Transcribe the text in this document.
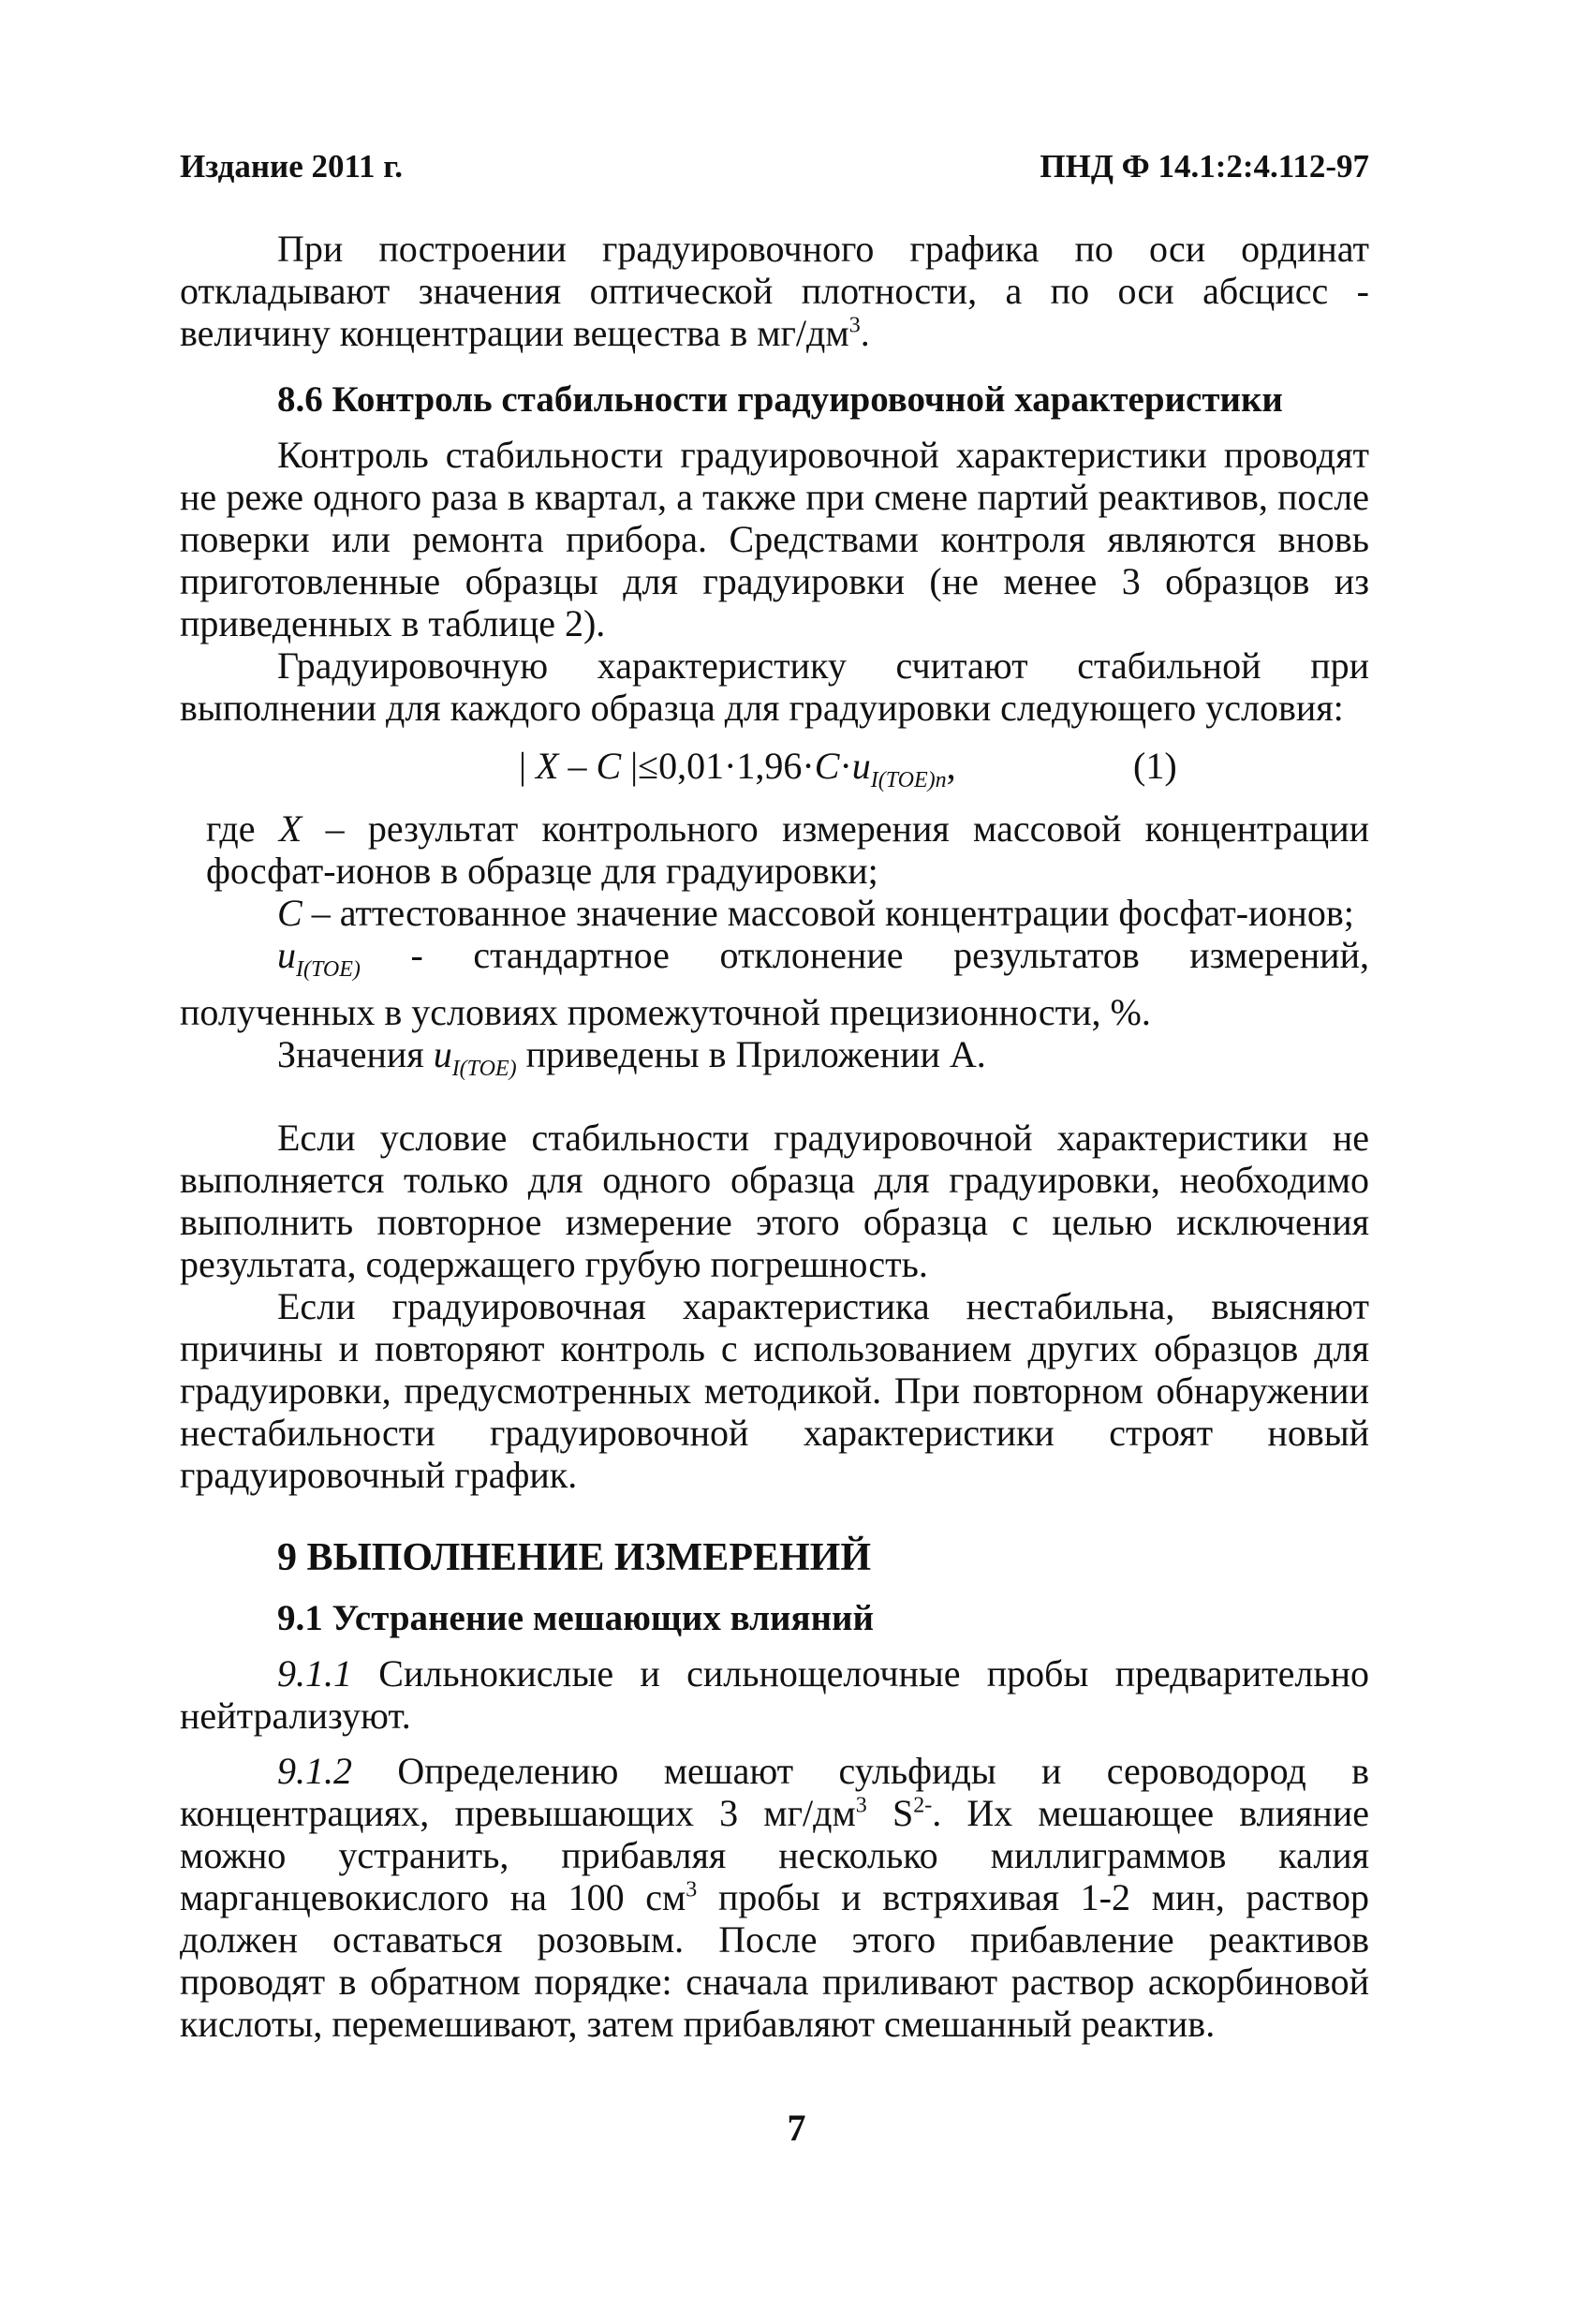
Издание 2011 г.	ПНД Ф 14.1:2:4.112-97

При построении градуировочного графика по оси ординат откладывают значения оптической плотности, а по оси абсцисс - величину концентрации вещества в $мг/дм^3$.

8.6 Контроль стабильности градуировочной характеристики

Контроль стабильности градуировочной характеристики проводят не реже одного раза в квартал, а также при смене партий реактивов, после поверки или ремонта прибора. Средствами контроля являются вновь приготовленные образцы для градуировки (не менее 3 образцов из приведенных в таблице 2).

Градуировочную характеристику считают стабильной при выполнении для каждого образца для градуировки следующего условия:

| X – C $|\le 0,01\cdot 1,96\cdot C\cdot u_{I(TOE)n}$,	(1)

где X – результат контрольного измерения массовой концентрации фосфат-ионов в образце для градуировки;

C – аттестованное значение массовой концентрации фосфат-ионов;

$u_{I(TOE)}$ - стандартное отклонение результатов измерений, полученных в условиях промежуточной прецизионности, %.

Значения $u_{I(TOE)}$ приведены в Приложении А.

Если условие стабильности градуировочной характеристики не выполняется только для одного образца для градуировки, необходимо выполнить повторное измерение этого образца с целью исключения результата, содержащего грубую погрешность.

Если градуировочная характеристика нестабильна, выясняют причины и повторяют контроль с использованием других образцов для градуировки, предусмотренных методикой. При повторном обнаружении нестабильности градуировочной характеристики строят новый градуировочный график.

9 ВЫПОЛНЕНИЕ ИЗМЕРЕНИЙ
9.1 Устранение мешающих влияний

9.1.1 Сильнокислые и сильнощелочные пробы предварительно нейтрализуют.

9.1.2 Определению мешают сульфиды и сероводород в концентрациях, превышающих 3 $мг/дм^3$ $S^{2-}$. Их мешающее влияние можно устранить, прибавляя несколько миллиграммов калия марганцевокислого на 100 $см^3$ пробы и встряхивая 1-2 мин, раствор должен оставаться розовым. После этого прибавление реактивов проводят в обратном порядке: сначала приливают раствор аскорбиновой кислоты, перемешивают, затем прибавляют смешанный реактив.

7
